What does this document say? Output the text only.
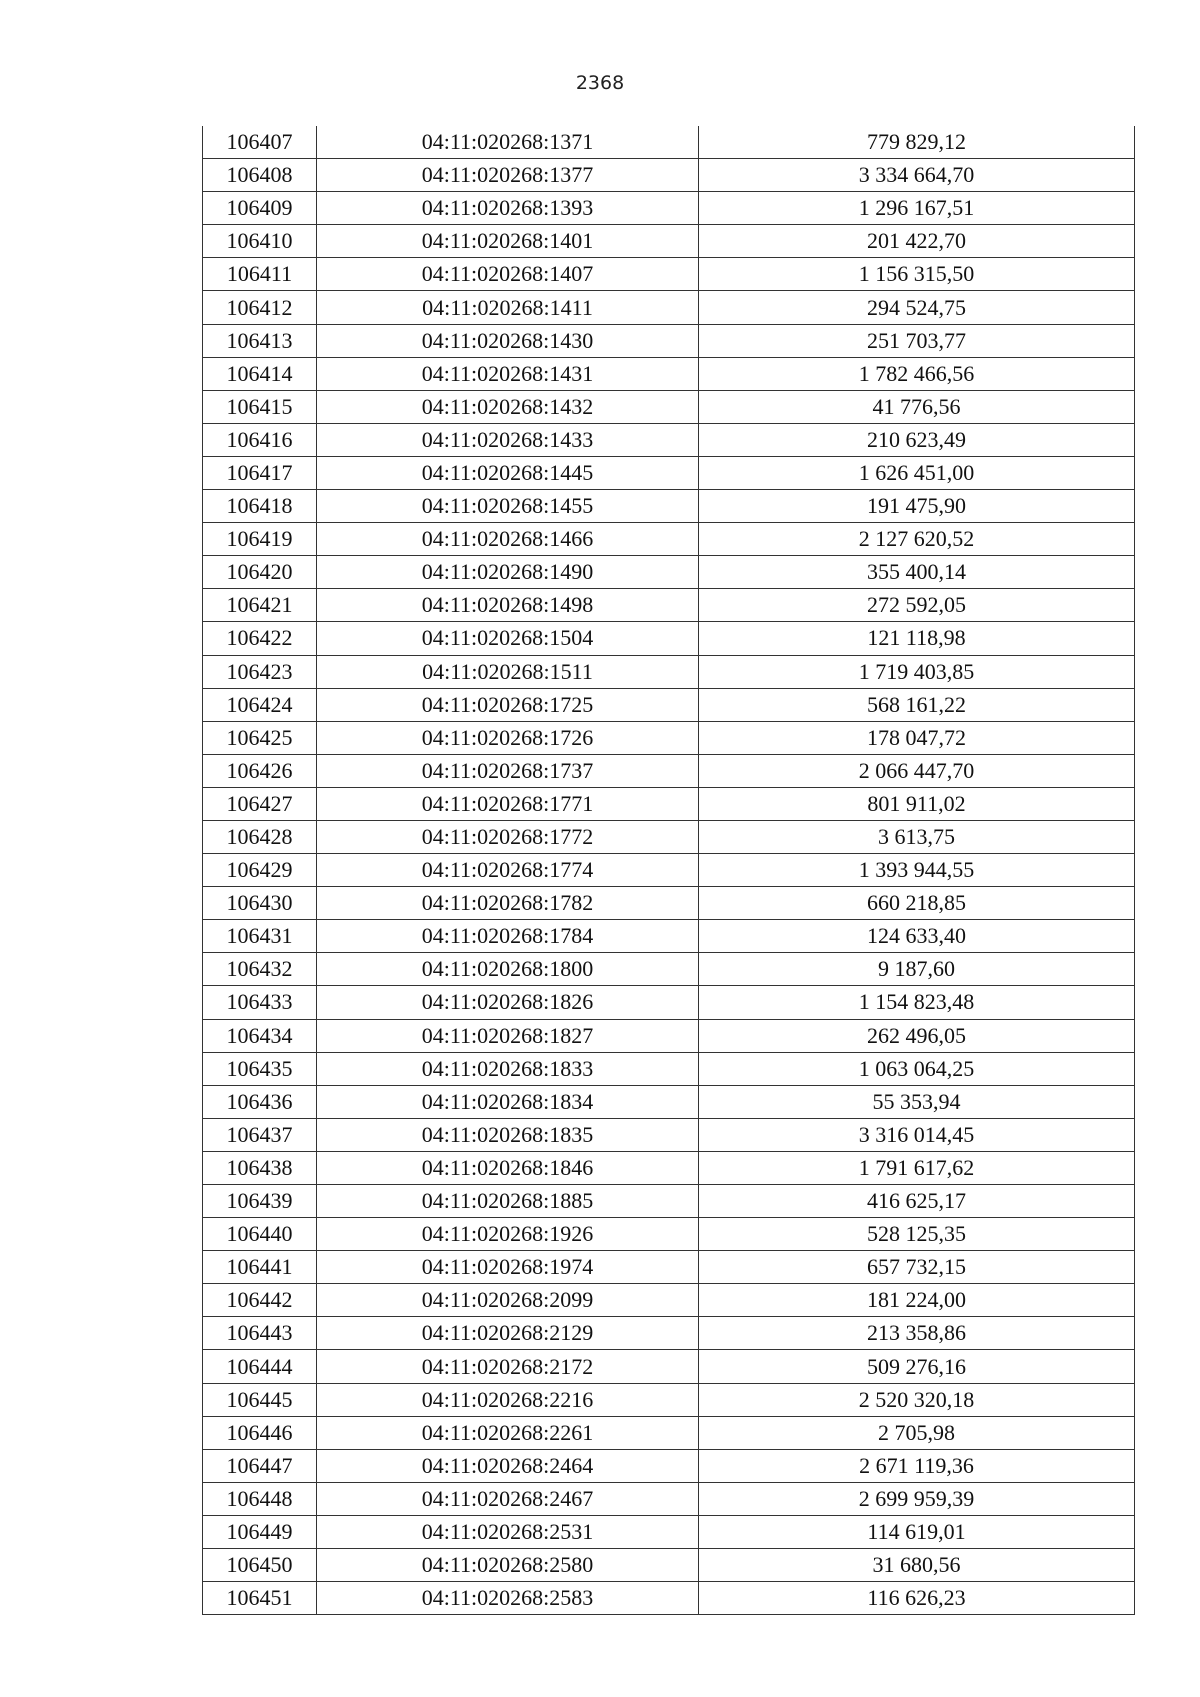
2368
106407	04:11:020268:1371	779 829,12
106408	04:11:020268:1377	3 334 664,70
106409	04:11:020268:1393	1 296 167,51
106410	04:11:020268:1401	201 422,70
106411	04:11:020268:1407	1 156 315,50
106412	04:11:020268:1411	294 524,75
106413	04:11:020268:1430	251 703,77
106414	04:11:020268:1431	1 782 466,56
106415	04:11:020268:1432	41 776,56
106416	04:11:020268:1433	210 623,49
106417	04:11:020268:1445	1 626 451,00
106418	04:11:020268:1455	191 475,90
106419	04:11:020268:1466	2 127 620,52
106420	04:11:020268:1490	355 400,14
106421	04:11:020268:1498	272 592,05
106422	04:11:020268:1504	121 118,98
106423	04:11:020268:1511	1 719 403,85
106424	04:11:020268:1725	568 161,22
106425	04:11:020268:1726	178 047,72
106426	04:11:020268:1737	2 066 447,70
106427	04:11:020268:1771	801 911,02
106428	04:11:020268:1772	3 613,75
106429	04:11:020268:1774	1 393 944,55
106430	04:11:020268:1782	660 218,85
106431	04:11:020268:1784	124 633,40
106432	04:11:020268:1800	9 187,60
106433	04:11:020268:1826	1 154 823,48
106434	04:11:020268:1827	262 496,05
106435	04:11:020268:1833	1 063 064,25
106436	04:11:020268:1834	55 353,94
106437	04:11:020268:1835	3 316 014,45
106438	04:11:020268:1846	1 791 617,62
106439	04:11:020268:1885	416 625,17
106440	04:11:020268:1926	528 125,35
106441	04:11:020268:1974	657 732,15
106442	04:11:020268:2099	181 224,00
106443	04:11:020268:2129	213 358,86
106444	04:11:020268:2172	509 276,16
106445	04:11:020268:2216	2 520 320,18
106446	04:11:020268:2261	2 705,98
106447	04:11:020268:2464	2 671 119,36
106448	04:11:020268:2467	2 699 959,39
106449	04:11:020268:2531	114 619,01
106450	04:11:020268:2580	31 680,56
106451	04:11:020268:2583	116 626,23
